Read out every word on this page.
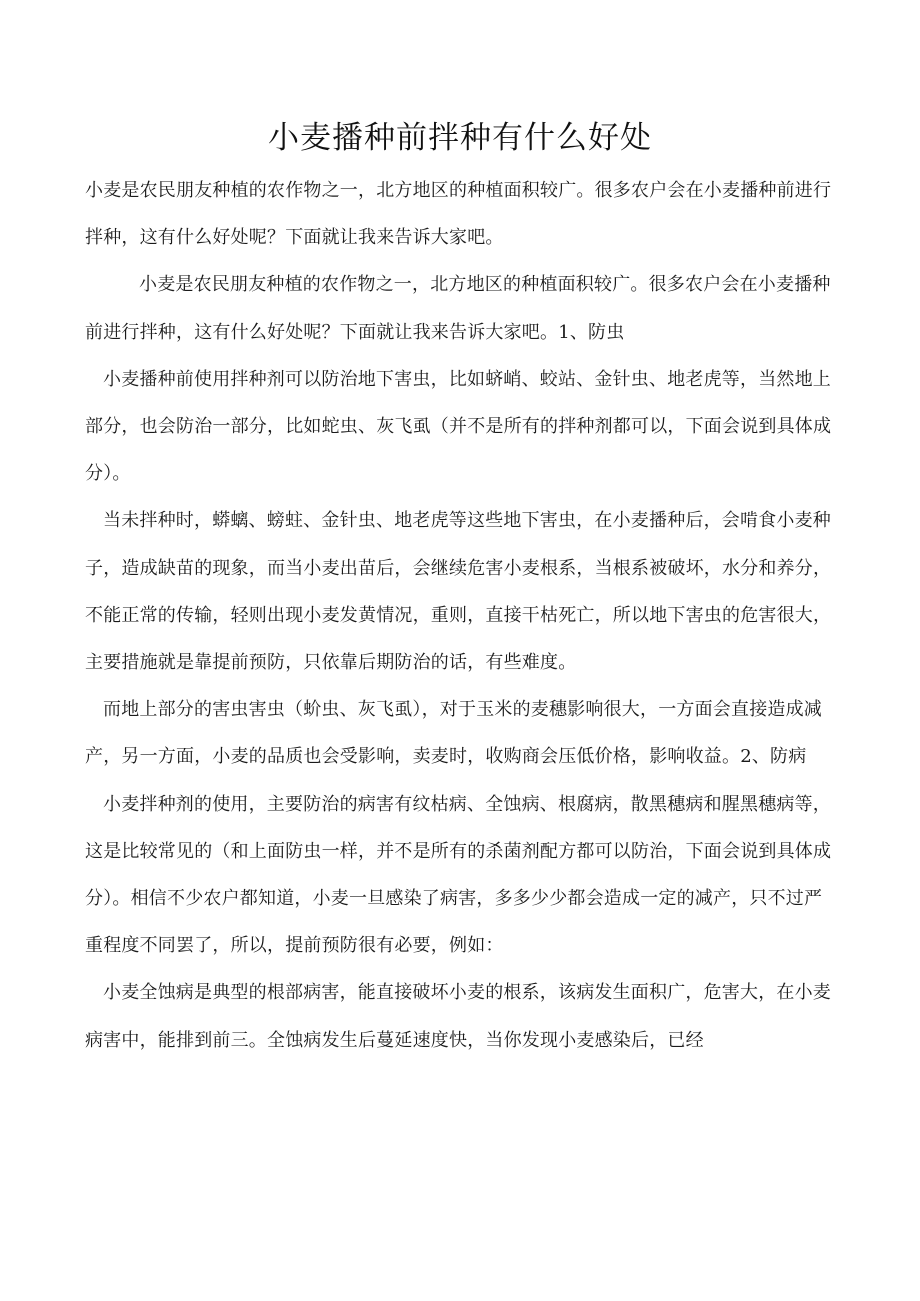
小麦播种前拌种有什么好处

小麦是农民朋友种植的农作物之一，北方地区的种植面积较广。很多农户会在小麦播种前进行拌种，这有什么好处呢？下面就让我来告诉大家吧。

小麦是农民朋友种植的农作物之一，北方地区的种植面积较广。很多农户会在小麦播种前进行拌种，这有什么好处呢？下面就让我来告诉大家吧。1、防虫

小麦播种前使用拌种剂可以防治地下害虫，比如蛴峭、蛟站、金针虫、地老虎等，当然地上部分，也会防治一部分，比如蛇虫、灰飞虱（并不是所有的拌种剂都可以，下面会说到具体成分）。

当未拌种时，蟒螭、螃蛀、金针虫、地老虎等这些地下害虫，在小麦播种后，会啃食小麦种子，造成缺苗的现象，而当小麦出苗后，会继续危害小麦根系，当根系被破坏，水分和养分，不能正常的传输，轻则出现小麦发黄情况，重则，直接干枯死亡，所以地下害虫的危害很大，主要措施就是靠提前预防，只依靠后期防治的话，有些难度。

而地上部分的害虫害虫（蚧虫、灰飞虱），对于玉米的麦穗影响很大，一方面会直接造成减产，另一方面，小麦的品质也会受影响，卖麦时，收购商会压低价格，影响收益。2、防病

小麦拌种剂的使用，主要防治的病害有纹枯病、全蚀病、根腐病，散黑穗病和腥黑穗病等，这是比较常见的（和上面防虫一样，并不是所有的杀菌剂配方都可以防治，下面会说到具体成分）。相信不少农户都知道，小麦一旦感染了病害，多多少少都会造成一定的减产，只不过严重程度不同罢了，所以，提前预防很有必要，例如：

小麦全蚀病是典型的根部病害，能直接破坏小麦的根系，该病发生面积广，危害大，在小麦病害中，能排到前三。全蚀病发生后蔓延速度快，当你发现小麦感染后，已经
